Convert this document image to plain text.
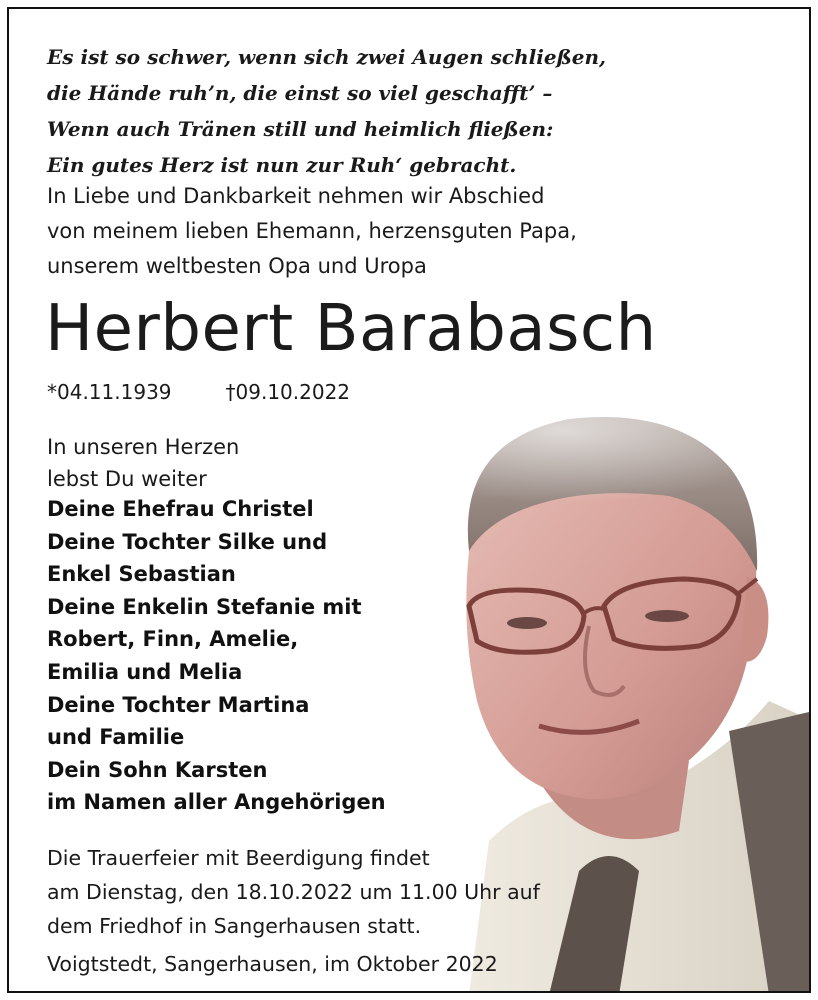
Es ist so schwer, wenn sich zwei Augen schließen,
die Hände ruh’n, die einst so viel geschafft’ –
Wenn auch Tränen still und heimlich fließen:
Ein gutes Herz ist nun zur Ruh‘ gebracht.
In Liebe und Dankbarkeit nehmen wir Abschied
von meinem lieben Ehemann, herzensguten Papa,
unserem weltbesten Opa und Uropa
Herbert Barabasch
*04.11.1939	†09.10.2022
In unseren Herzen
lebst Du weiter
Deine Ehefrau Christel
Deine Tochter Silke und
Enkel Sebastian
Deine Enkelin Stefanie mit
Robert, Finn, Amelie,
Emilia und Melia
Deine Tochter Martina
und Familie
Dein Sohn Karsten
im Namen aller Angehörigen
Die Trauerfeier mit Beerdigung findet
am Dienstag, den 18.10.2022 um 11.00 Uhr auf
dem Friedhof in Sangerhausen statt.
Voigtstedt, Sangerhausen, im Oktober 2022
